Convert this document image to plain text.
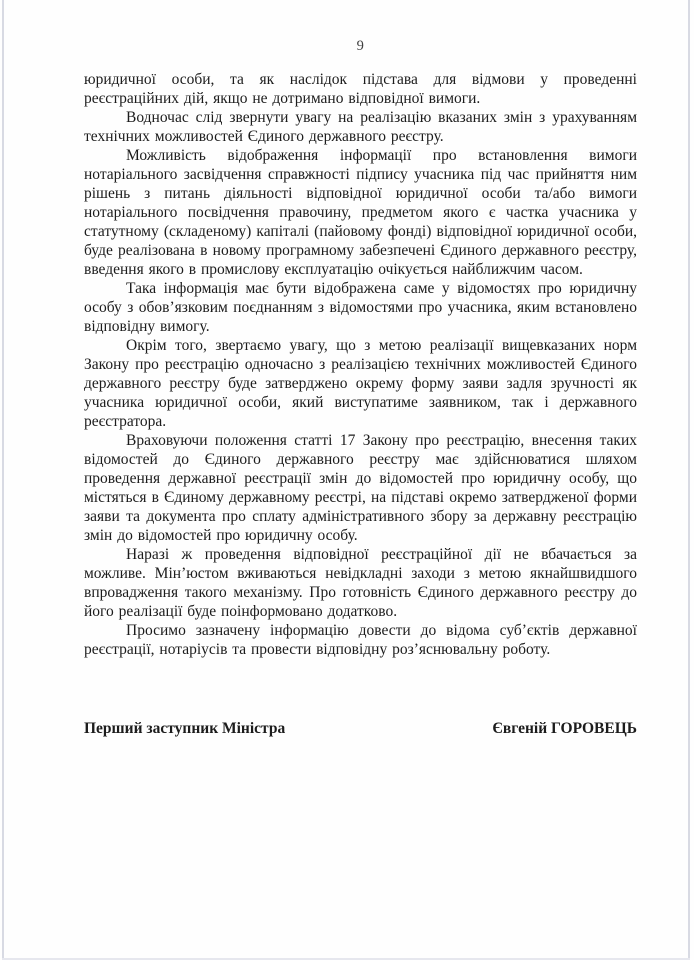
9

юридичної особи, та як наслідок підстава для відмови у проведенні реєстраційних дій, якщо не дотримано відповідної вимоги.

Водночас слід звернути увагу на реалізацію вказаних змін з урахуванням технічних можливостей Єдиного державного реєстру.

Можливість відображення інформації про встановлення вимоги нотаріального засвідчення справжності підпису учасника під час прийняття ним рішень з питань діяльності відповідної юридичної особи та/або вимоги нотаріального посвідчення правочину, предметом якого є частка учасника у статутному (складеному) капіталі (пайовому фонді) відповідної юридичної особи, буде реалізована в новому програмному забезпечені Єдиного державного реєстру, введення якого в промислову експлуатацію очікується найближчим часом.

Така інформація має бути відображена саме у відомостях про юридичну особу з обов’язковим поєднанням з відомостями про учасника, яким встановлено відповідну вимогу.

Окрім того, звертаємо увагу, що з метою реалізації вищевказаних норм Закону про реєстрацію одночасно з реалізацією технічних можливостей Єдиного державного реєстру буде затверджено окрему форму заяви задля зручності як учасника юридичної особи, який виступатиме заявником, так і державного реєстратора.

Враховуючи положення статті 17 Закону про реєстрацію, внесення таких відомостей до Єдиного державного реєстру має здійснюватися шляхом проведення державної реєстрації змін до відомостей про юридичну особу, що містяться в Єдиному державному реєстрі, на підставі окремо затвердженої форми заяви та документа про сплату адміністративного збору за державну реєстрацію змін до відомостей про юридичну особу.

Наразі ж проведення відповідної реєстраційної дії не вбачається за можливе. Мін’юстом вживаються невідкладні заходи з метою якнайшвидшого впровадження такого механізму. Про готовність Єдиного державного реєстру до його реалізації буде поінформовано додатково.

Просимо зазначену інформацію довести до відома суб’єктів державної реєстрації, нотаріусів та провести відповідну роз’яснювальну роботу.

Перший заступник Міністра	Євгеній ГОРОВЕЦЬ
